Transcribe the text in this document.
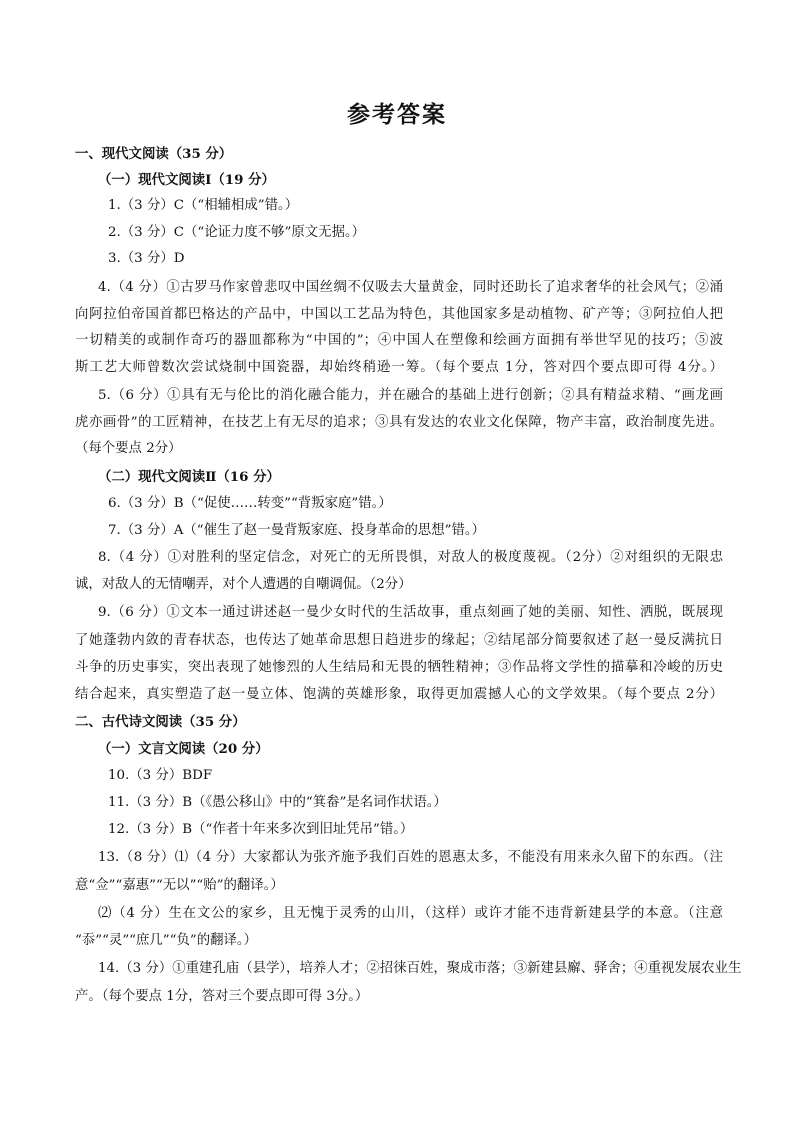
参考答案
一、现代文阅读（35 分）
（一）现代文阅读Ⅰ（19 分）
1.（3 分）C（“相辅相成”错。）
2.（3 分）C（“论证力度不够”原文无据。）
3.（3 分）D
4.（4 分）①古罗马作家曾悲叹中国丝绸不仅吸去大量黄金，同时还助长了追求奢华的社会风气；②涌
向阿拉伯帝国首都巴格达的产品中，中国以工艺品为特色，其他国家多是动植物、矿产等；③阿拉伯人把
一切精美的或制作奇巧的器皿都称为“中国的”；④中国人在塑像和绘画方面拥有举世罕见的技巧；⑤波
斯工艺大师曾数次尝试烧制中国瓷器，却始终稍逊一筹。（每个要点 1分，答对四个要点即可得 4分。）
5.（6 分）①具有无与伦比的消化融合能力，并在融合的基础上进行创新；②具有精益求精、“画龙画
虎亦画骨”的工匠精神，在技艺上有无尽的追求；③具有发达的农业文化保障，物产丰富，政治制度先进。
（每个要点 2分）
（二）现代文阅读Ⅱ（16 分）
6.（3 分）B（“促使……转变”“背叛家庭”错。）
7.（3 分）A（“催生了赵一曼背叛家庭、投身革命的思想”错。）
8.（4 分）①对胜利的坚定信念，对死亡的无所畏惧，对敌人的极度蔑视。（2分）②对组织的无限忠
诚，对敌人的无情嘲弄，对个人遭遇的自嘲调侃。（2分）
9.（6 分）①文本一通过讲述赵一曼少女时代的生活故事，重点刻画了她的美丽、知性、洒脱，既展现
了她蓬勃内敛的青春状态，也传达了她革命思想日趋进步的缘起；②结尾部分简要叙述了赵一曼反满抗日
斗争的历史事实，突出表现了她惨烈的人生结局和无畏的牺牲精神；③作品将文学性的描摹和冷峻的历史
结合起来，真实塑造了赵一曼立体、饱满的英雄形象，取得更加震撼人心的文学效果。（每个要点 2分）
二、古代诗文阅读（35 分）
（一）文言文阅读（20 分）
10.（3 分）BDF
11.（3 分）B（《愚公移山》中的“箕畚”是名词作状语。）
12.（3 分）B（“作者十年来多次到旧址凭吊”错。）
13.（8 分）⑴（4 分）大家都认为张齐施予我们百姓的恩惠太多，不能没有用来永久留下的东西。（注
意“佥”“嘉惠”“无以”“贻”的翻译。）
⑵（4 分）生在文公的家乡，且无愧于灵秀的山川，（这样）或许才能不违背新建县学的本意。（注意
“忝”“灵”“庶几”“负”的翻译。）
14.（3 分）①重建孔庙（县学），培养人才；②招徕百姓，聚成市落；③新建县廨、驿舍；④重视发展农业生
产。（每个要点 1分，答对三个要点即可得 3分。）
